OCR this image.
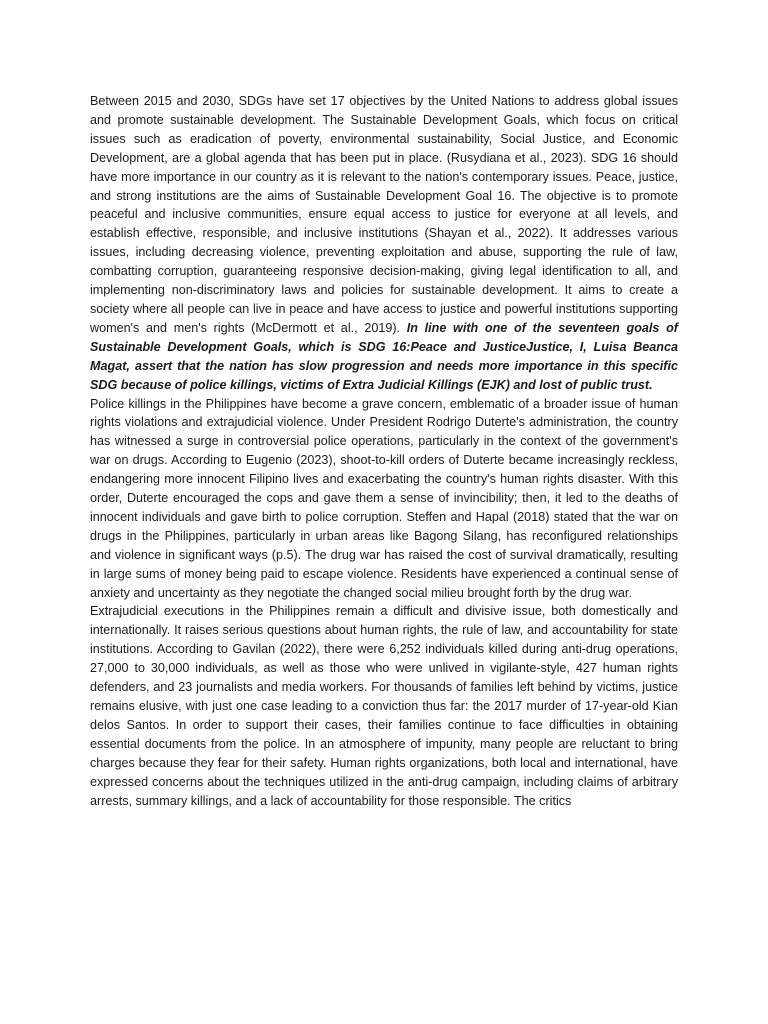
Between 2015 and 2030, SDGs have set 17 objectives by the United Nations to address global issues and promote sustainable development. The Sustainable Development Goals, which focus on critical issues such as eradication of poverty, environmental sustainability, Social Justice, and Economic Development, are a global agenda that has been put in place. (Rusydiana et al., 2023). SDG 16 should have more importance in our country as it is relevant to the nation's contemporary issues. Peace, justice, and strong institutions are the aims of Sustainable Development Goal 16. The objective is to promote peaceful and inclusive communities, ensure equal access to justice for everyone at all levels, and establish effective, responsible, and inclusive institutions (Shayan et al., 2022). It addresses various issues, including decreasing violence, preventing exploitation and abuse, supporting the rule of law, combatting corruption, guaranteeing responsive decision-making, giving legal identification to all, and implementing non-discriminatory laws and policies for sustainable development. It aims to create a society where all people can live in peace and have access to justice and powerful institutions supporting women's and men's rights (McDermott et al., 2019). In line with one of the seventeen goals of Sustainable Development Goals, which is SDG 16:Peace and JusticeJustice, I, Luisa Beanca Magat, assert that the nation has slow progression and needs more importance in this specific SDG because of police killings, victims of Extra Judicial Killings (EJK) and lost of public trust.

Police killings in the Philippines have become a grave concern, emblematic of a broader issue of human rights violations and extrajudicial violence. Under President Rodrigo Duterte's administration, the country has witnessed a surge in controversial police operations, particularly in the context of the government's war on drugs. According to Eugenio (2023), shoot-to-kill orders of Duterte became increasingly reckless, endangering more innocent Filipino lives and exacerbating the country's human rights disaster. With this order, Duterte encouraged the cops and gave them a sense of invincibility; then, it led to the deaths of innocent individuals and gave birth to police corruption. Steffen and Hapal (2018) stated that the war on drugs in the Philippines, particularly in urban areas like Bagong Silang, has reconfigured relationships and violence in significant ways (p.5). The drug war has raised the cost of survival dramatically, resulting in large sums of money being paid to escape violence. Residents have experienced a continual sense of anxiety and uncertainty as they negotiate the changed social milieu brought forth by the drug war.

Extrajudicial executions in the Philippines remain a difficult and divisive issue, both domestically and internationally. It raises serious questions about human rights, the rule of law, and accountability for state institutions. According to Gavilan (2022), there were 6,252 individuals killed during anti-drug operations, 27,000 to 30,000 individuals, as well as those who were unlived in vigilante-style, 427 human rights defenders, and 23 journalists and media workers. For thousands of families left behind by victims, justice remains elusive, with just one case leading to a conviction thus far: the 2017 murder of 17-year-old Kian delos Santos. In order to support their cases, their families continue to face difficulties in obtaining essential documents from the police. In an atmosphere of impunity, many people are reluctant to bring charges because they fear for their safety. Human rights organizations, both local and international, have expressed concerns about the techniques utilized in the anti-drug campaign, including claims of arbitrary arrests, summary killings, and a lack of accountability for those responsible. The critics
